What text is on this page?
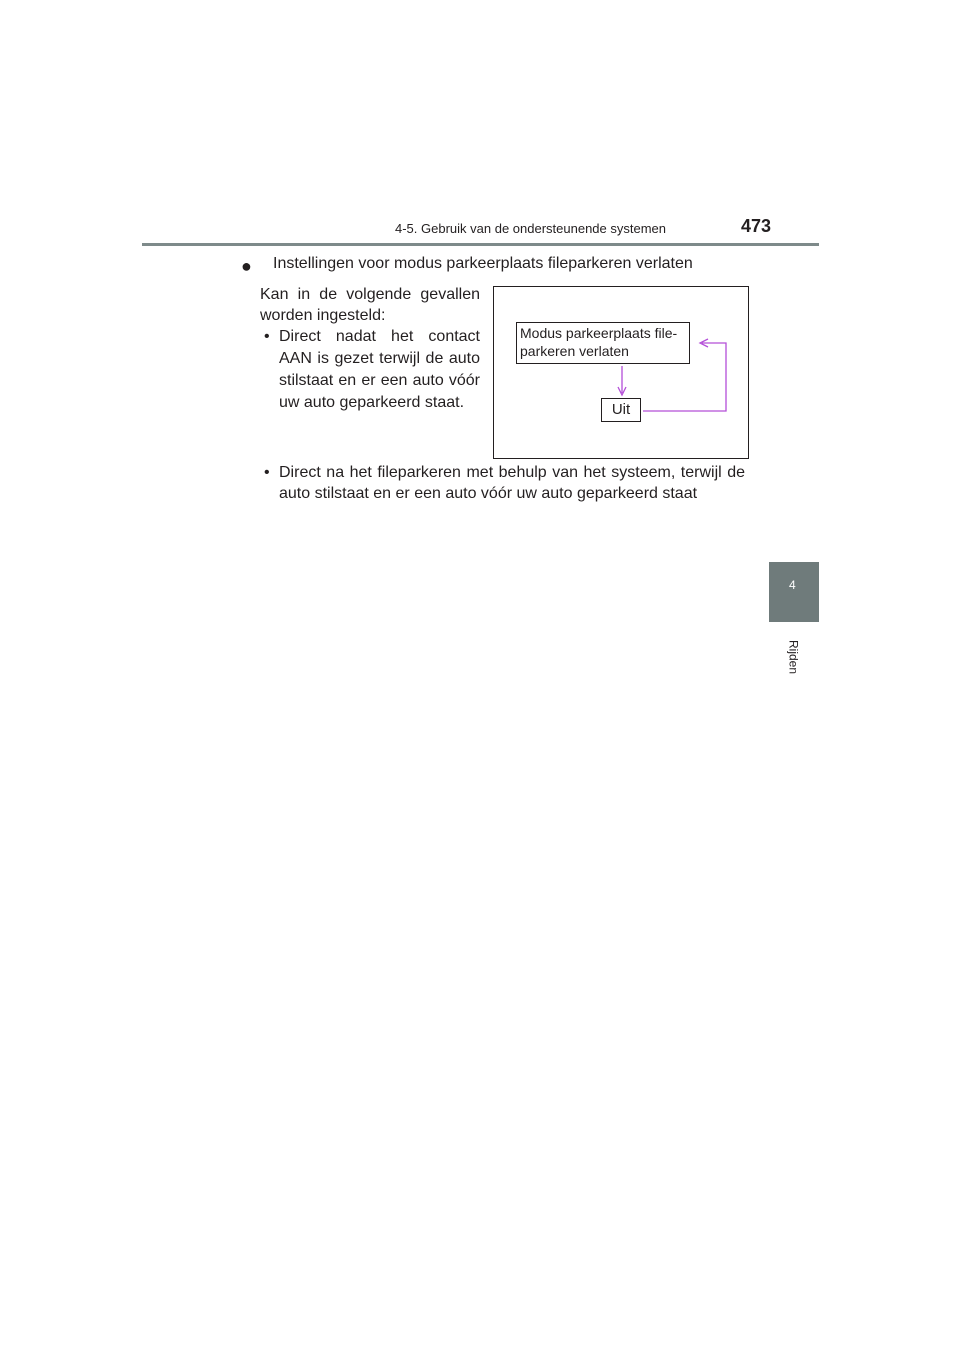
4-5. Gebruik van de ondersteunende systemen	473
4
Rijden
● Instellingen voor modus parkeerplaats fileparkeren verlaten
Kan in de volgende gevallen worden ingesteld:
• Direct nadat het contact AAN is gezet terwijl de auto stilstaat en er een auto vóór uw auto geparkeerd staat.
• Direct na het fileparkeren met behulp van het systeem, terwijl de auto stilstaat en er een auto vóór uw auto geparkeerd staat
Modus parkeerplaats file-parkeren verlaten
Uit
